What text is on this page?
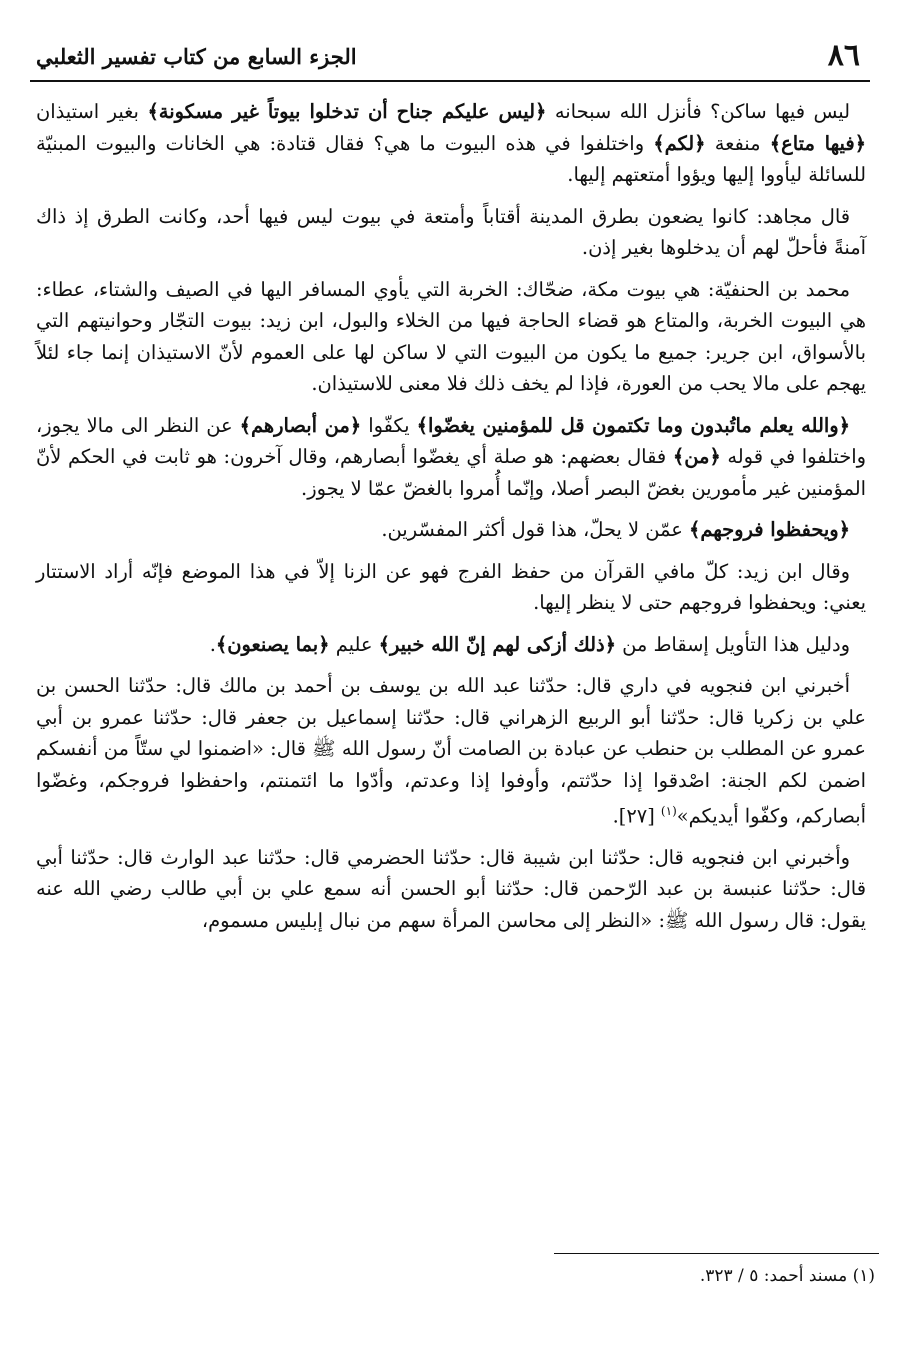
٨٦
الجزء السابع من كتاب تفسير الثعلبي

ليس فيها ساكن؟ فأنزل الله سبحانه ﴿ليس عليكم جناح أن تدخلوا بيوتاً غير مسكونة﴾ بغير استيذان ﴿فيها متاع﴾ منفعة ﴿لكم﴾ واختلفوا في هذه البيوت ما هي؟ فقال قتادة: هي الخانات والبيوت المبنيّة للسائلة ليأووا إليها ويؤوا أمتعتهم إليها.

قال مجاهد: كانوا يضعون بطرق المدينة أقتاباً وأمتعة في بيوت ليس فيها أحد، وكانت الطرق إذ ذاك آمنةً فأحلّ لهم أن يدخلوها بغير إذن.

محمد بن الحنفيّة: هي بيوت مكة، ضحّاك: الخربة التي يأوي المسافر اليها في الصيف والشتاء، عطاء: هي البيوت الخربة، والمتاع هو قضاء الحاجة فيها من الخلاء والبول، ابن زيد: بيوت التجّار وحوانيتهم التي بالأسواق، ابن جرير: جميع ما يكون من البيوت التي لا ساكن لها على العموم لأنّ الاستيذان إنما جاء لئلاً يهجم على مالا يحب من العورة، فإذا لم يخف ذلك فلا معنى للاستيذان.

﴿والله يعلم ماتُبدون وما تكتمون قل للمؤمنين يغضّوا﴾ يكفّوا ﴿من أبصارهم﴾ عن النظر الى مالا يجوز، واختلفوا في قوله ﴿من﴾ فقال بعضهم: هو صلة أي يغضّوا أبصارهم، وقال آخرون: هو ثابت في الحكم لأنّ المؤمنين غير مأمورين بغضّ البصر أصلا، وإنّما أُمروا بالغضّ عمّا لا يجوز.

﴿ويحفظوا فروجهم﴾ عمّن لا يحلّ، هذا قول أكثر المفسّرين.

وقال ابن زيد: كلّ مافي القرآن من حفظ الفرج فهو عن الزنا إلاّ في هذا الموضع فإنّه أراد الاستتار يعني: ويحفظوا فروجهم حتى لا ينظر إليها.

ودليل هذا التأويل إسقاط من ﴿ذلك أزكى لهم إنّ الله خبير﴾ عليم ﴿بما يصنعون﴾.

أخبرني ابن فنجويه في داري قال: حدّثنا عبد الله بن يوسف بن أحمد بن مالك قال: حدّثنا الحسن بن علي بن زكريا قال: حدّثنا أبو الربيع الزهراني قال: حدّثنا إسماعيل بن جعفر قال: حدّثنا عمرو بن أبي عمرو عن المطلب بن حنطب عن عبادة بن الصامت أنّ رسول الله ﷺ قال: «اضمنوا لي ستّاً من أنفسكم اضمن لكم الجنة: اصْدقوا إذا حدّثتم، وأوفوا إذا وعدتم، وأدّوا ما ائتمنتم، واحفظوا فروجكم، وغضّوا أبصاركم، وكفّوا أيديكم»$^{(١)}$ [٢٧].

وأخبرني ابن فنجويه قال: حدّثنا ابن شيبة قال: حدّثنا الحضرمي قال: حدّثنا عبد الوارث قال: حدّثنا أبي قال: حدّثنا عنبسة بن عبد الرّحمن قال: حدّثنا أبو الحسن أنه سمع علي بن أبي طالب رضي الله عنه يقول: قال رسول الله ﷺ: «النظر إلى محاسن المرأة سهم من نبال إبليس مسموم،

(١) مسند أحمد: ٥ / ٣٢٣.
